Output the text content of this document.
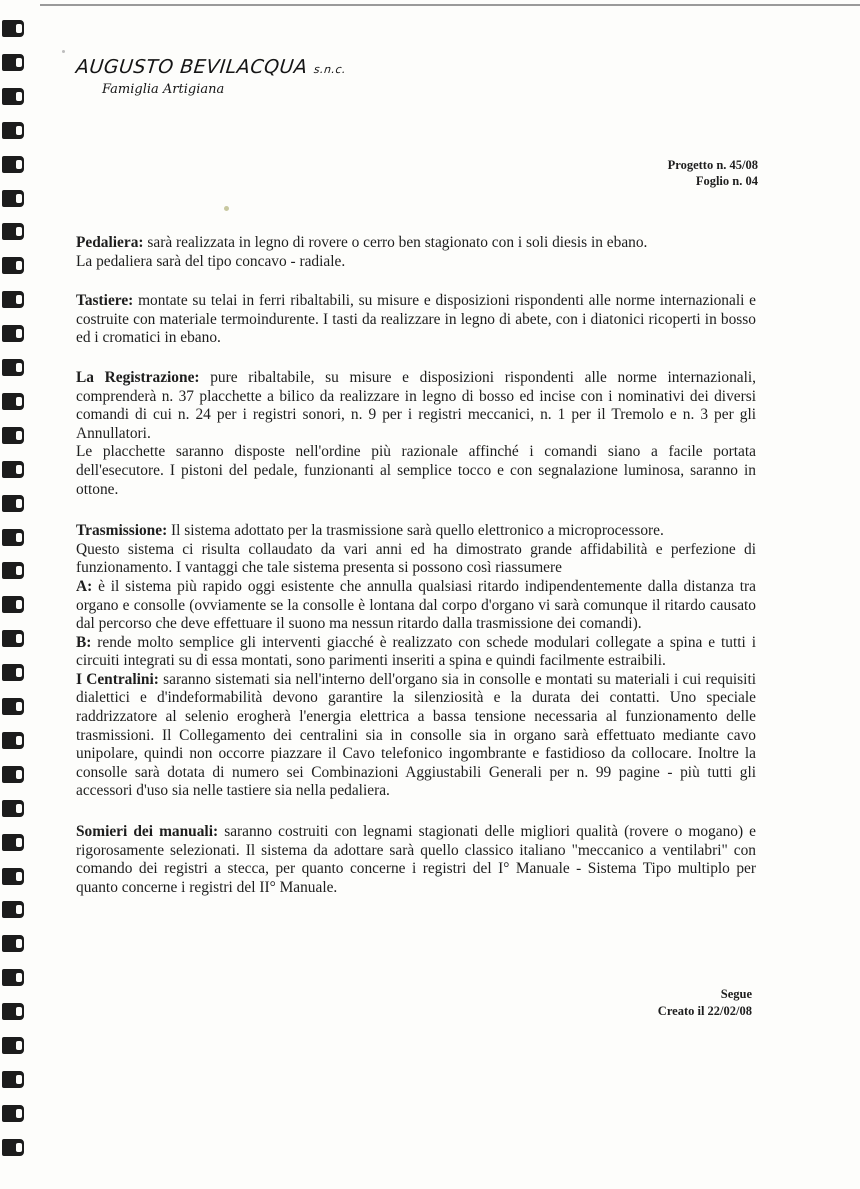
AUGUSTO BEVILACQUA s.n.c.
Famiglia Artigiana
Progetto n. 45/08
Foglio n. 04

Pedaliera: sarà realizzata in legno di rovere o cerro ben stagionato con i soli diesis in ebano.

La pedaliera sarà del tipo concavo - radiale.

Tastiere: montate su telai in ferri ribaltabili, su misure e disposizioni rispondenti alle norme internazionali e costruite con materiale termoindurente. I tasti da realizzare in legno di abete, con i diatonici ricoperti in bosso ed i cromatici in ebano.

La Registrazione: pure ribaltabile, su misure e disposizioni rispondenti alle norme internazionali, comprenderà n. 37 placchette a bilico da realizzare in legno di bosso ed incise con i nominativi dei diversi comandi di cui n. 24 per i registri sonori, n. 9 per i registri meccanici, n. 1 per il Tremolo e n. 3 per gli Annullatori.

Le placchette saranno disposte nell'ordine più razionale affinché i comandi siano a facile portata dell'esecutore. I pistoni del pedale, funzionanti al semplice tocco e con segnalazione luminosa, saranno in ottone.

Trasmissione: Il sistema adottato per la trasmissione sarà quello elettronico a microprocessore.

Questo sistema ci risulta collaudato da vari anni ed ha dimostrato grande affidabilità e perfezione di funzionamento. I vantaggi che tale sistema presenta si possono così riassumere

A: è il sistema più rapido oggi esistente che annulla qualsiasi ritardo indipendentemente dalla distanza tra organo e consolle (ovviamente se la consolle è lontana dal corpo d'organo vi sarà comunque il ritardo causato dal percorso che deve effettuare il suono ma nessun ritardo dalla trasmissione dei comandi).

B: rende molto semplice gli interventi giacché è realizzato con schede modulari collegate a spina e tutti i circuiti integrati su di essa montati, sono parimenti inseriti a spina e quindi facilmente estraibili.

I Centralini: saranno sistemati sia nell'interno dell'organo sia in consolle e montati su materiali i cui requisiti dialettici e d'indeformabilità devono garantire la silenziosità e la durata dei contatti. Uno speciale raddrizzatore al selenio erogherà l'energia elettrica a bassa tensione necessaria al funzionamento delle trasmissioni. Il Collegamento dei centralini sia in consolle sia in organo sarà effettuato mediante cavo unipolare, quindi non occorre piazzare il Cavo telefonico ingombrante e fastidioso da collocare. Inoltre la consolle sarà dotata di numero sei Combinazioni Aggiustabili Generali per n. 99 pagine - più tutti gli accessori d'uso sia nelle tastiere sia nella pedaliera.

Somieri dei manuali: saranno costruiti con legnami stagionati delle migliori qualità (rovere o mogano) e rigorosamente selezionati. Il sistema da adottare sarà quello classico italiano "meccanico a ventilabri" con comando dei registri a stecca, per quanto concerne i registri del I° Manuale - Sistema Tipo multiplo per quanto concerne i registri del II° Manuale.

Segue
Creato il 22/02/08
